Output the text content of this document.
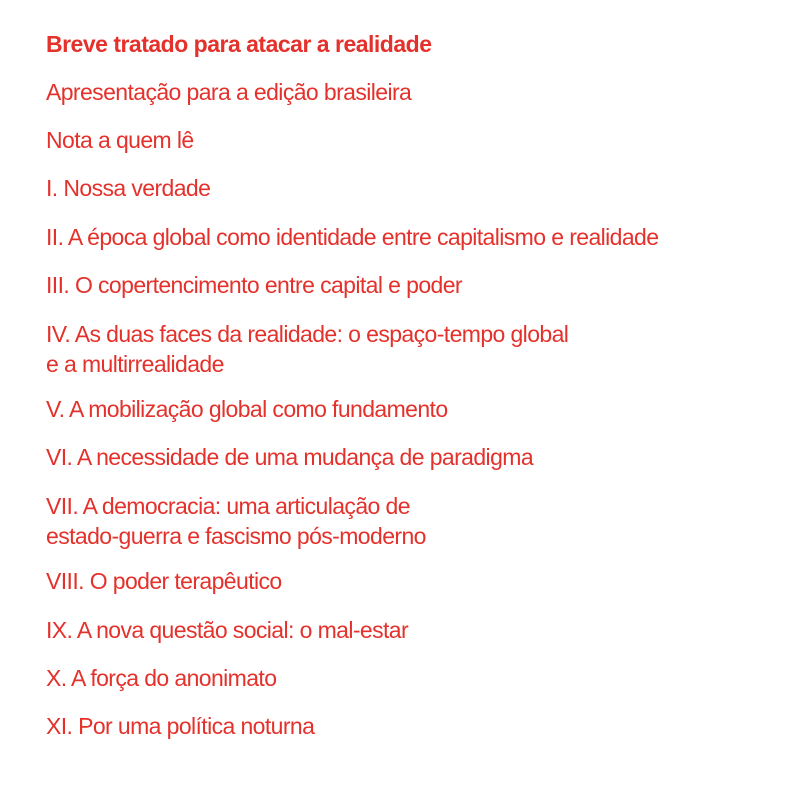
Breve tratado para atacar a realidade
Apresentação para a edição brasileira
Nota a quem lê
I. Nossa verdade
II. A época global como identidade entre capitalismo e realidade
III. O copertencimento entre capital e poder
IV. As duas faces da realidade: o espaço-tempo global
e a multirrealidade
V. A mobilização global como fundamento
VI. A necessidade de uma mudança de paradigma
VII. A democracia: uma articulação de
estado-guerra e fascismo pós-moderno
VIII. O poder terapêutico
IX. A nova questão social: o mal-estar
X. A força do anonimato
XI. Por uma política noturna
